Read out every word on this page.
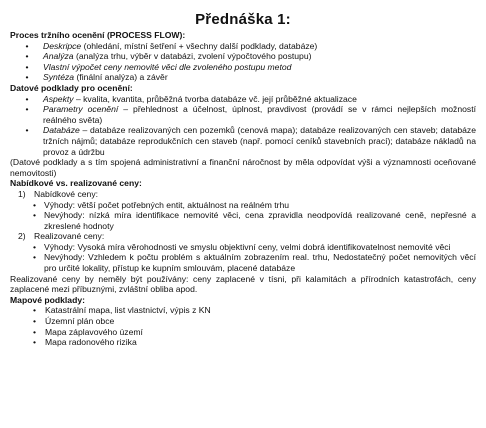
Přednáška 1:
Proces tržního ocenění (PROCESS FLOW):
•	Deskripce (ohledání, místní šetření + všechny další podklady, databáze)
•	Analýza (analýza trhu, výběr v databázi, zvolení výpočtového postupu)
•	Vlastní výpočet ceny nemovité věci dle zvoleného postupu metod
•	Syntéza (finální analýza) a závěr
Datové podklady pro ocenění:
•	Aspekty – kvalita, kvantita, průběžná tvorba databáze vč. její průběžné aktualizace
•	Parametry ocenění – přehlednost a účelnost, úplnost, pravdivost (provádí se v rámci nejlepších možností reálného světa)
•	Databáze – databáze realizovaných cen pozemků (cenová mapa); databáze realizovaných cen staveb; databáze tržních nájmů; databáze reprodukčních cen staveb (např. pomocí ceníků stavebních prací); databáze nákladů na provoz a údržbu
(Datové podklady a s tím spojená administrativní a finanční náročnost by měla odpovídat výši a významnosti oceňované nemovitosti)
Nabídkové vs. realizované ceny:
1) Nabídkové ceny:
• Výhody: větší počet potřebných entit, aktuálnost na reálném trhu
• Nevýhody: nízká míra identifikace nemovité věci, cena zpravidla neodpovídá realizované ceně, nepřesné a zkreslené hodnoty
2) Realizované ceny:
• Výhody: Vysoká míra věrohodnosti ve smyslu objektivní ceny, velmi dobrá identifikovatelnost nemovité věci
• Nevýhody: Vzhledem k počtu problém s aktuálním zobrazením real. trhu, Nedostatečný počet nemovitých věcí pro určité lokality, přístup ke kupním smlouvám, placené databáze
Realizované ceny by neměly být používány: ceny zaplacené v tísni, při kalamitách a přírodních katastrofách, ceny zaplacené mezi příbuznými, zvláštní obliba apod.
Mapové podklady:
• Katastrální mapa, list vlastnictví, výpis z KN
• Územní plán obce
• Mapa záplavového území
• Mapa radonového rizika
